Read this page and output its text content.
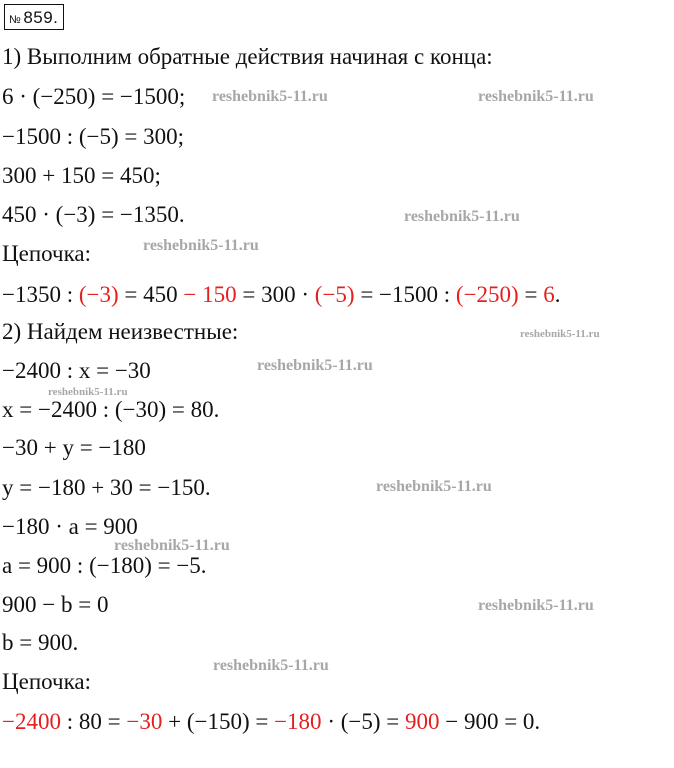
№ 859.
1) Выполним обратные действия начиная с конца:
6 · (−250) = −1500;
−1500 : (−5) = 300;
300 + 150 = 450;
450 · (−3) = −1350.
Цепочка:
−1350 : (−3) = 450 − 150 = 300 · (−5) = −1500 : (−250) = 6.
2) Найдем неизвестные:
−2400 : x = −30
x = −2400 : (−30) = 80.
−30 + y = −180
y = −180 + 30 = −150.
−180 · a = 900
a = 900 : (−180) = −5.
900 − b = 0
b = 900.
Цепочка:
−2400 : 80 = −30 + (−150) = −180 · (−5) = 900 − 900 = 0.
reshebnik5-11.ru	reshebnik5-11.ru
reshebnik5-11.ru
reshebnik5-11.ru
reshebnik5-11.ru
reshebnik5-11.ru
reshebnik5-11.ru
reshebnik5-11.ru
reshebnik5-11.ru
reshebnik5-11.ru
reshebnik5-11.ru
